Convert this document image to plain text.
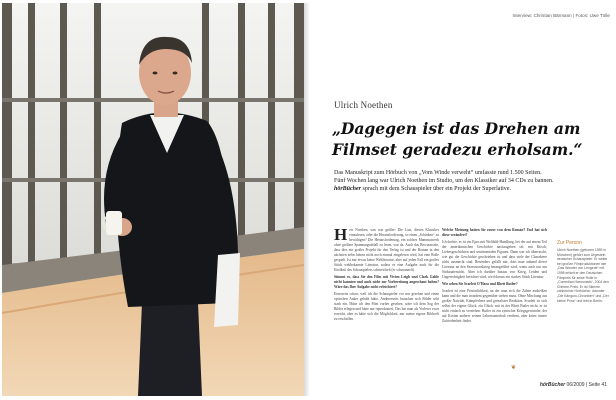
Interview: Christian Bärmann | Fotos: Uwe Tölle
Ulrich Noethen
„Dagegen ist das Drehen am
Filmset geradezu erholsam.“
Das Manuskript zum Hörbuch von „Vom Winde verweht“ umfasste rund 1.500 Seiten.
Fünf Wochen lang war Ulrich Noethen im Studio, um den Klassiker auf 34 CDs zu bannen.
hörBücher sprach mit dem Schauspieler über ein Projekt der Superlative.

Herr Noethen, was war größer: Die Lust, diesen Klassiker einzulesen, oder die Herausforderung, so einen „Schinken“ zu bewältigen? Die Herausforderung, ein solches Mammutwerk ohne größere Spannungsabfall zu lesen, war da. Auch das Bewusstsein, dass dies ein großes Projekt für den Verlag ist und der Roman in den nächsten zehn Jahren nicht noch einmal eingelesen wird, hat eine Rolle gespielt. Ist mir etwas keine Weltliteratur, aber auf jeden Fall ein großes Stück weltbekannte Literatur, sodass es eine Aufgabe auch für die Eitelkeit des Schauspielers schmeichelt (er schmunzelt).

Stimmt es, dass Sie den Film mit Vivien Leigh und Clark Gable nicht kannten und auch nicht zur Vorbereitung angeschaut haben? Wäre das Ihre Aufgabe nicht erleichtert?

Einerseits schon, weil ich die Schauspieler vor mir gesehen und einen optischen Anker gehabt hätte. Andererseits brauchen sich Bilder sehr stark ein. Hätte ich den Film vorher gesehen, wäre ich dem Sog der Bilder erlegen und hätte nur reproduziert. Das hat man als Vorleser zwar erreicht, aber es hätte sich die Möglichkeit, mir meine eigene Bildwelt zu erschaffen.

Welche Meinung hatten Sie zuvor von dem Roman? Und hat sich diese verändert?

Ich dachte, es ist ein Epos mit Weltbild-Handlung, bei der auf einem Teil der amerikanischen Geschichte nachzugehen sei, mit Kitsch, Liebesgeschichten und sentimentalen Figuren. Dann war ich überrascht, wie gut die Geschichte geschrieben ist und dass viele der Charaktere nicht ausmacht sind. Besonders gefällt mir, dass man anhand dieser Literatur an den Sezessionskrieg herangeführt wird, wenn auch nur aus Südstaatensicht. Aber ich darüber hinaus von Krieg, Leiden und Ungerechtigkeit berichtet wird, wird daraus ein starkes Stück Literatur.

Wie sehen Sie Scarlett O’Hara und Rhett Butler?

Scarlett ist eine Persönlichkeit, an der man sich die Zähne ausbeißen kann und die man trotzdem gegenüber stehen muss. Ohne Mischung aus großer Naivität, Kämpferherz und grenzloser Reaktion. Scarlett ist sich selbst der eigene Glück, ein Glück: mit ist der Rhett Butler nicht, er ist nicht einfach zu verstehen. Butler ist ein zynischer Kriegsgewinnler, der auf Kosten anderer seinen Lebensunterhalt verdient, aber keine innere Zufriedenheit findet.

Zur Person
Ulrich Noethen (geboren 1959 in München) gehört zum Urgestein deutscher Schauspieler. Er wirkte bei großen Filmproduktionen wie „Das Wunder von Lengede“ mit. 1998 erhielt er den Deutschen Filmpreis für seine Rolle in „Comedian Harmonists“, 2004 den Grimme-Preis. Er ist Stimme zahlreicher Hörbücher, darunter „Die Känguru-Chroniken“ und „Der kleine Prinz“ und lebt in Berlin.
❦
hörBücher 06/2009 | Seite 41
